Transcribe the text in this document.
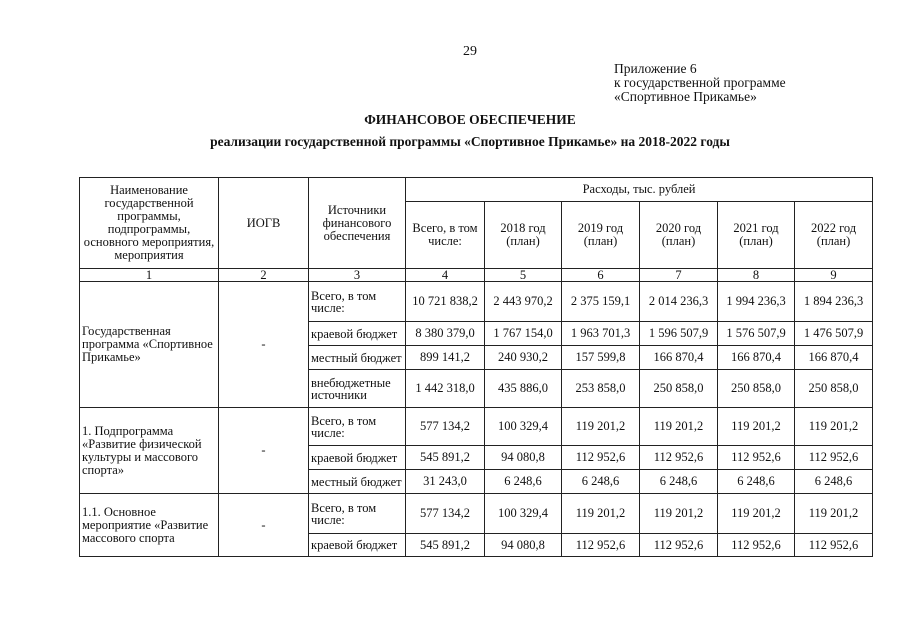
29
Приложение 6
к государственной программе
«Спортивное Прикамье»
ФИНАНСОВОЕ ОБЕСПЕЧЕНИЕ
реализации государственной программы «Спортивное Прикамье» на 2018-2022 годы
Наименование государственной программы, подпрограммы, основного мероприятия, мероприятия	ИОГВ	Источники финансового обеспечения	Расходы, тыс. рублей					
			Всего, в том числе:	2018 год (план)	2019 год (план)	2020 год (план)	2021 год (план)	2022 год (план)
1	2	3	4	5	6	7	8	9
Государственная программа «Спортивное Прикамье»	-	Всего, в том числе:	10 721 838,2	2 443 970,2	2 375 159,1	2 014 236,3	1 994 236,3	1 894 236,3
		краевой бюджет	8 380 379,0	1 767 154,0	1 963 701,3	1 596 507,9	1 576 507,9	1 476 507,9
		местный бюджет	899 141,2	240 930,2	157 599,8	166 870,4	166 870,4	166 870,4
		внебюджетные источники	1 442 318,0	435 886,0	253 858,0	250 858,0	250 858,0	250 858,0
1. Подпрограмма «Развитие физической культуры и массового спорта»	-	Всего, в том числе:	577 134,2	100 329,4	119 201,2	119 201,2	119 201,2	119 201,2
		краевой бюджет	545 891,2	94 080,8	112 952,6	112 952,6	112 952,6	112 952,6
		местный бюджет	31 243,0	6 248,6	6 248,6	6 248,6	6 248,6	6 248,6
1.1. Основное мероприятие «Развитие массового спорта	-	Всего, в том числе:	577 134,2	100 329,4	119 201,2	119 201,2	119 201,2	119 201,2
		краевой бюджет	545 891,2	94 080,8	112 952,6	112 952,6	112 952,6	112 952,6
